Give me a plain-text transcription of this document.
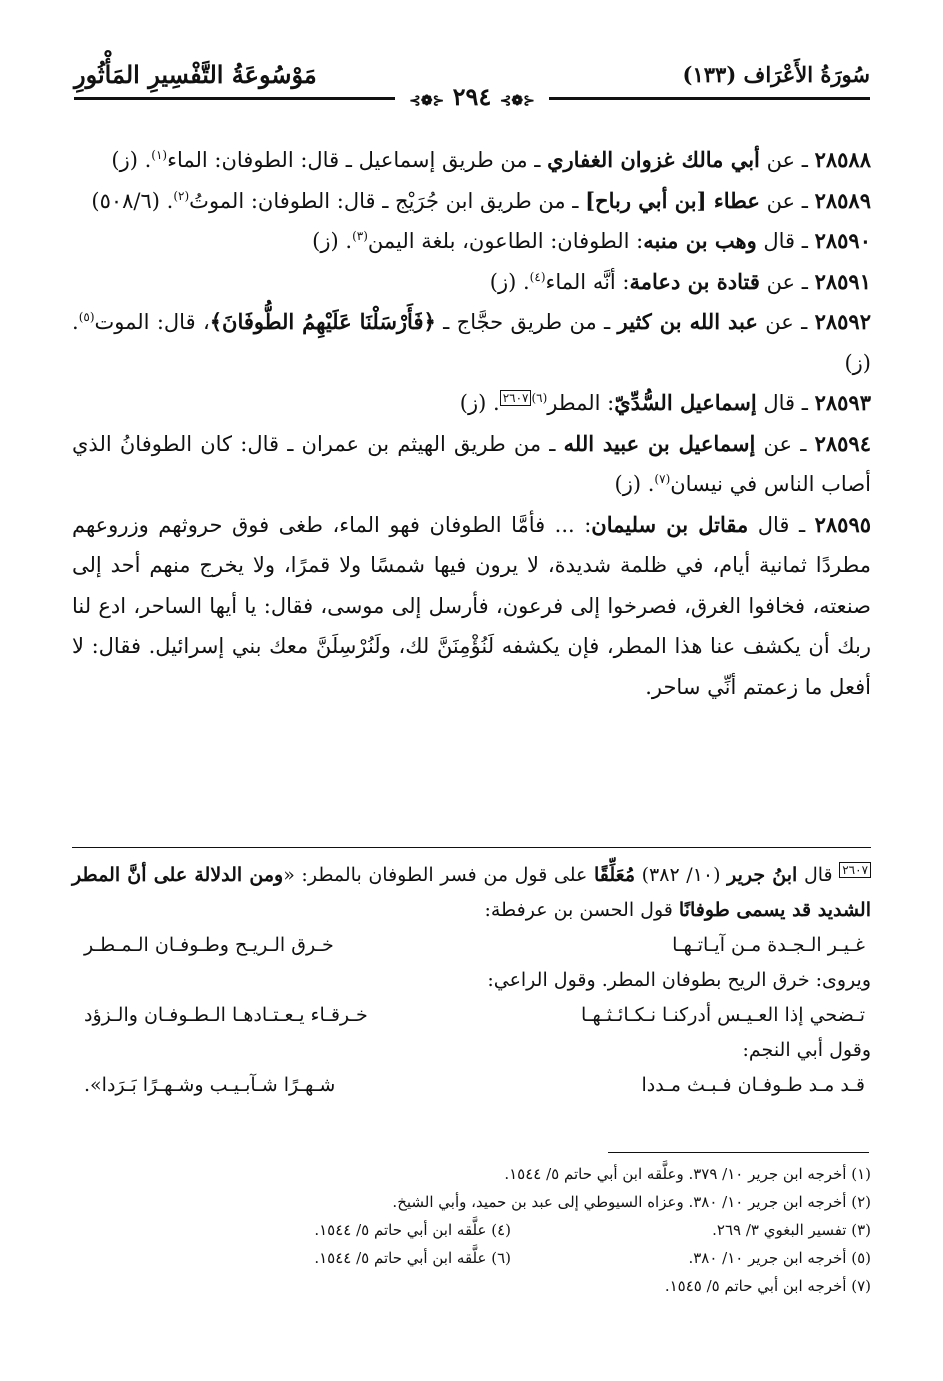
سُورَةُ الأَعْرَاف (١٣٣)
مَوْسُوعَةُ التَّفْسِيرِ المَأْثُورِ
⊰❁⊱ ٢٩٤ ⊰❁⊱

٢٨٥٨٨ ـ عن أبي مالك غزوان الغفاري ـ من طريق إسماعيل ـ قال: الطوفان: الماء$^{(١)}$. (ز)

٢٨٥٨٩ ـ عن عطاء [بن أبي رباح] ـ من طريق ابن جُرَيْج ـ قال: الطوفان: الموتُ$^{(٢)}$. (٥٠٨/٦)

٢٨٥٩٠ ـ قال وهب بن منبه: الطوفان: الطاعون، بلغة اليمن$^{(٣)}$. (ز)

٢٨٥٩١ ـ عن قتادة بن دعامة: أنَّه الماء$^{(٤)}$. (ز)

٢٨٥٩٢ ـ عن عبد الله بن كثير ـ من طريق حجَّاج ـ ﴿فَأَرْسَلْنَا عَلَيْهِمُ الطُّوفَانَ﴾، قال: الموت$^{(٥)}$. (ز)

٢٨٥٩٣ ـ قال إسماعيل السُّدِّيّ: المطر$^{(٦)}$٢٦٠٧. (ز)

٢٨٥٩٤ ـ عن إسماعيل بن عبيد الله ـ من طريق الهيثم بن عمران ـ قال: كان الطوفانُ الذي أصاب الناس في نيسان$^{(٧)}$. (ز)

٢٨٥٩٥ ـ قال مقاتل بن سليمان: ... فأمَّا الطوفان فهو الماء، طغى فوق حروثهم وزروعهم مطردًا ثمانية أيام، في ظلمة شديدة، لا يرون فيها شمسًا ولا قمرًا، ولا يخرج منهم أحد إلى صنعته، فخافوا الغرق، فصرخوا إلى فرعون، فأرسل إلى موسى، فقال: يا أيها الساحر، ادع لنا ربك أن يكشف عنا هذا المطر، فإن يكشفه لَنُؤْمِنَنَّ لك، ولَنُرْسِلَنَّ معك بني إسرائيل. فقال: لا أفعل ما زعمتم أنِّي ساحر.

٢٦٠٧ قال ابنُ جرير (١٠/ ٣٨٢) مُعَلِّقًا على قول من فسر الطوفان بالمطر: «ومن الدلالة على أنَّ المطر الشديد قد يسمى طوفانًا قول الحسن بن عرفطة:

غـيـر الـجـدة مـن آيـاتـهـا
خـرق الـريـح وطـوفـان الـمـطـر

ويروى: خرق الريح بطوفان المطر. وقول الراعي:

تـضحي إذا العـيـس أدركنـا نـكـائـثـهـا
خـرقـاء يـعـتـادهـا الـطـوفـان والـزؤد

وقول أبي النجم:

قـد مـد طـوفـان فـبـث مـددا
شـهـرًا شـآبـيـب وشـهـرًا بَـرَدا».

(١) أخرجه ابن جرير ١٠/ ٣٧٩. وعلَّقه ابن أبي حاتم ٥/ ١٥٤٤.

(٢) أخرجه ابن جرير ١٠/ ٣٨٠. وعزاه السيوطي إلى عبد بن حميد، وأبي الشيخ.

(٣) تفسير البغوي ٣/ ٢٦٩.
(٤) علَّقه ابن أبي حاتم ٥/ ١٥٤٤.
(٥) أخرجه ابن جرير ١٠/ ٣٨٠.
(٦) علَّقه ابن أبي حاتم ٥/ ١٥٤٤.

(٧) أخرجه ابن أبي حاتم ٥/ ١٥٤٥.
